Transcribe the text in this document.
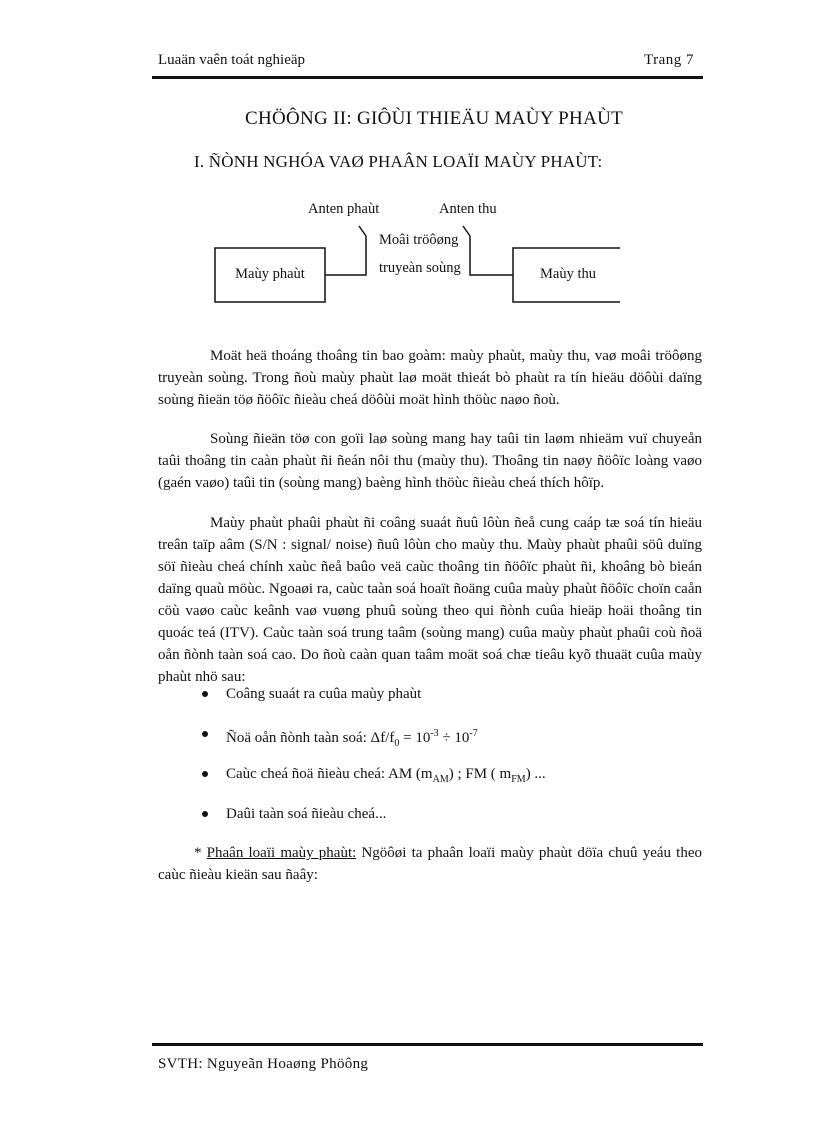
Luaän vaên toát nghieäp	Trang 7
CHÖÔNG II: GIÔÙI THIEÄU MAÙY PHAÙT
I. ÑÒNH NGHÓA VAØ PHAÂN LOAÏI MAÙY PHAÙT:
Anten phaùt	Anten thu
Moâi tröôøng
truyeàn soùng
Maùy phaùt	Maùy thu

Moät heä thoáng thoâng tin bao goàm: maùy phaùt, maùy thu, vaø moâi tröôøng truyeàn soùng. Trong ñoù maùy phaùt laø moät thieát bò phaùt ra tín hieäu döôùi daïng soùng ñieän töø ñöôïc ñieàu cheá döôùi moät hình thöùc naøo ñoù.

Soùng ñieän töø con goïi laø soùng mang hay taûi tin laøm nhieäm vuï chuyeån taûi thoâng tin caàn phaùt ñi ñeán nôi thu (maùy thu). Thoâng tin naøy ñöôïc loàng vaøo (gaén vaøo) taûi tin (soùng mang) baèng hình thöùc ñieàu cheá thích hôïp.

Maùy phaùt phaûi phaùt ñi coâng suaát ñuû lôùn ñeå cung caáp tæ soá tín hieäu treân taïp aâm (S/N : signal/ noise) ñuû lôùn cho maùy thu. Maùy phaùt phaûi söû duïng söï ñieàu cheá chính xaùc ñeå baûo veä caùc thoâng tin ñöôïc phaùt ñi, khoâng bò bieán daïng quaù möùc. Ngoaøi ra, caùc taàn soá hoaït ñoäng cuûa maùy phaùt ñöôïc choïn caån cöù vaøo caùc keânh vaø vuøng phuû soùng theo qui ñònh cuûa hieäp hoäi thoâng tin quoác teá (ITV). Caùc taàn soá trung taâm (soùng mang) cuûa maùy phaùt phaûi coù ñoä oån ñònh taàn soá cao. Do ñoù caàn quan taâm moät soá chæ tieâu kyõ thuaät cuûa maùy phaùt nhö sau:

Coâng suaát ra cuûa maùy phaùt
Ñoä oån ñònh taàn soá: $\Delta f/f_0 = 10^{-3} \div 10^{-7}$
Caùc cheá ñoä ñieàu cheá: AM $(m_{AM})$ ; FM ( $m_{FM}$) ...
Daûi taàn soá ñieàu cheá...

* Phaân loaïi maùy phaùt: Ngöôøi ta phaân loaïi maùy phaùt döïa chuû yeáu theo caùc ñieàu kieän sau ñaây:

SVTH: Nguyeãn Hoaøng Phöông
